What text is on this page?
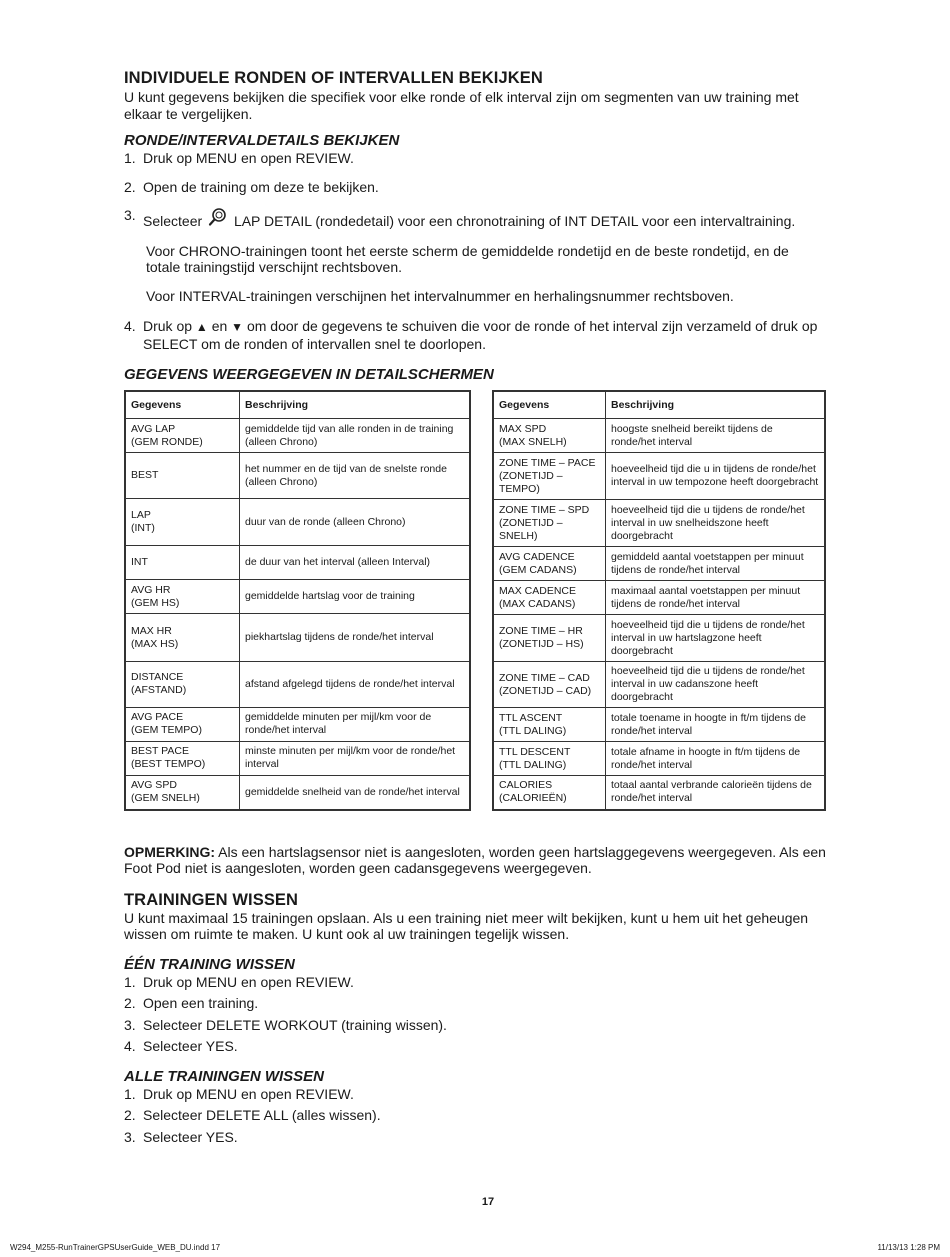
INDIVIDUELE RONDEN OF INTERVALLEN BEKIJKEN

U kunt gegevens bekijken die specifiek voor elke ronde of elk interval zijn om segmenten van uw training met elkaar te vergelijken.

RONDE/INTERVALDETAILS BEKIJKEN
1. Druk op MENU en open REVIEW.
2. Open de training om deze te bekijken.
3. Selecteer LAP DETAIL (rondedetail) voor een chronotraining of INT DETAIL voor een intervaltraining.

Voor CHRONO-trainingen toont het eerste scherm de gemiddelde rondetijd en de beste rondetijd, en de totale trainingstijd verschijnt rechtsboven.

Voor INTERVAL-trainingen verschijnen het intervalnummer en herhalingsnummer rechtsboven.

4. Druk op ▲ en ▼ om door de gegevens te schuiven die voor de ronde of het interval zijn verzameld of druk op SELECT om de ronden of intervallen snel te doorlopen.
GEGEVENS WEERGEGEVEN IN DETAILSCHERMEN
Gegevens	Beschrijving
AVG LAP
(GEM RONDE)	gemiddelde tijd van alle ronden in de training (alleen Chrono)
BEST	het nummer en de tijd van de snelste ronde (alleen Chrono)
LAP
(INT)	duur van de ronde (alleen Chrono)
INT	de duur van het interval (alleen Interval)
AVG HR
(GEM HS)	gemiddelde hartslag voor de training
MAX HR
(MAX HS)	piekhartslag tijdens de ronde/het interval
DISTANCE
(AFSTAND)	afstand afgelegd tijdens de ronde/het interval
AVG PACE
(GEM TEMPO)	gemiddelde minuten per mijl/km voor de ronde/het interval
BEST PACE
(BEST TEMPO)	minste minuten per mijl/km voor de ronde/het interval
AVG SPD
(GEM SNELH)	gemiddelde snelheid van de ronde/het interval
Gegevens	Beschrijving
MAX SPD
(MAX SNELH)	hoogste snelheid bereikt tijdens de ronde/het interval
ZONE TIME – PACE
(ZONETIJD – TEMPO)	hoeveelheid tijd die u in tijdens de ronde/het interval in uw tempozone heeft doorgebracht
ZONE TIME – SPD
(ZONETIJD – SNELH)	hoeveelheid tijd die u tijdens de ronde/het interval in uw snelheidszone heeft doorgebracht
AVG CADENCE
(GEM CADANS)	gemiddeld aantal voetstappen per minuut tijdens de ronde/het interval
MAX CADENCE
(MAX CADANS)	maximaal aantal voetstappen per minuut tijdens de ronde/het interval
ZONE TIME – HR
(ZONETIJD – HS)	hoeveelheid tijd die u tijdens de ronde/het interval in uw hartslagzone heeft doorgebracht
ZONE TIME – CAD
(ZONETIJD – CAD)	hoeveelheid tijd die u tijdens de ronde/het interval in uw cadanszone heeft doorgebracht
TTL ASCENT
(TTL DALING)	totale toename in hoogte in ft/m tijdens de ronde/het interval
TTL DESCENT
(TTL DALING)	totale afname in hoogte in ft/m tijdens de ronde/het interval
CALORIES
(CALORIEËN)	totaal aantal verbrande calorieën tijdens de ronde/het interval

OPMERKING: Als een hartslagsensor niet is aangesloten, worden geen hartslaggegevens weergegeven. Als een Foot Pod niet is aangesloten, worden geen cadansgegevens weergegeven.

TRAININGEN WISSEN

U kunt maximaal 15 trainingen opslaan. Als u een training niet meer wilt bekijken, kunt u hem uit het geheugen wissen om ruimte te maken. U kunt ook al uw trainingen tegelijk wissen.

ÉÉN TRAINING WISSEN
1. Druk op MENU en open REVIEW.
2. Open een training.
3. Selecteer DELETE WORKOUT (training wissen).
4. Selecteer YES.
ALLE TRAININGEN WISSEN
1. Druk op MENU en open REVIEW.
2. Selecteer DELETE ALL (alles wissen).
3. Selecteer YES.
17
W294_M255-RunTrainerGPSUserGuide_WEB_DU.indd 17	11/13/13 1:28 PM
